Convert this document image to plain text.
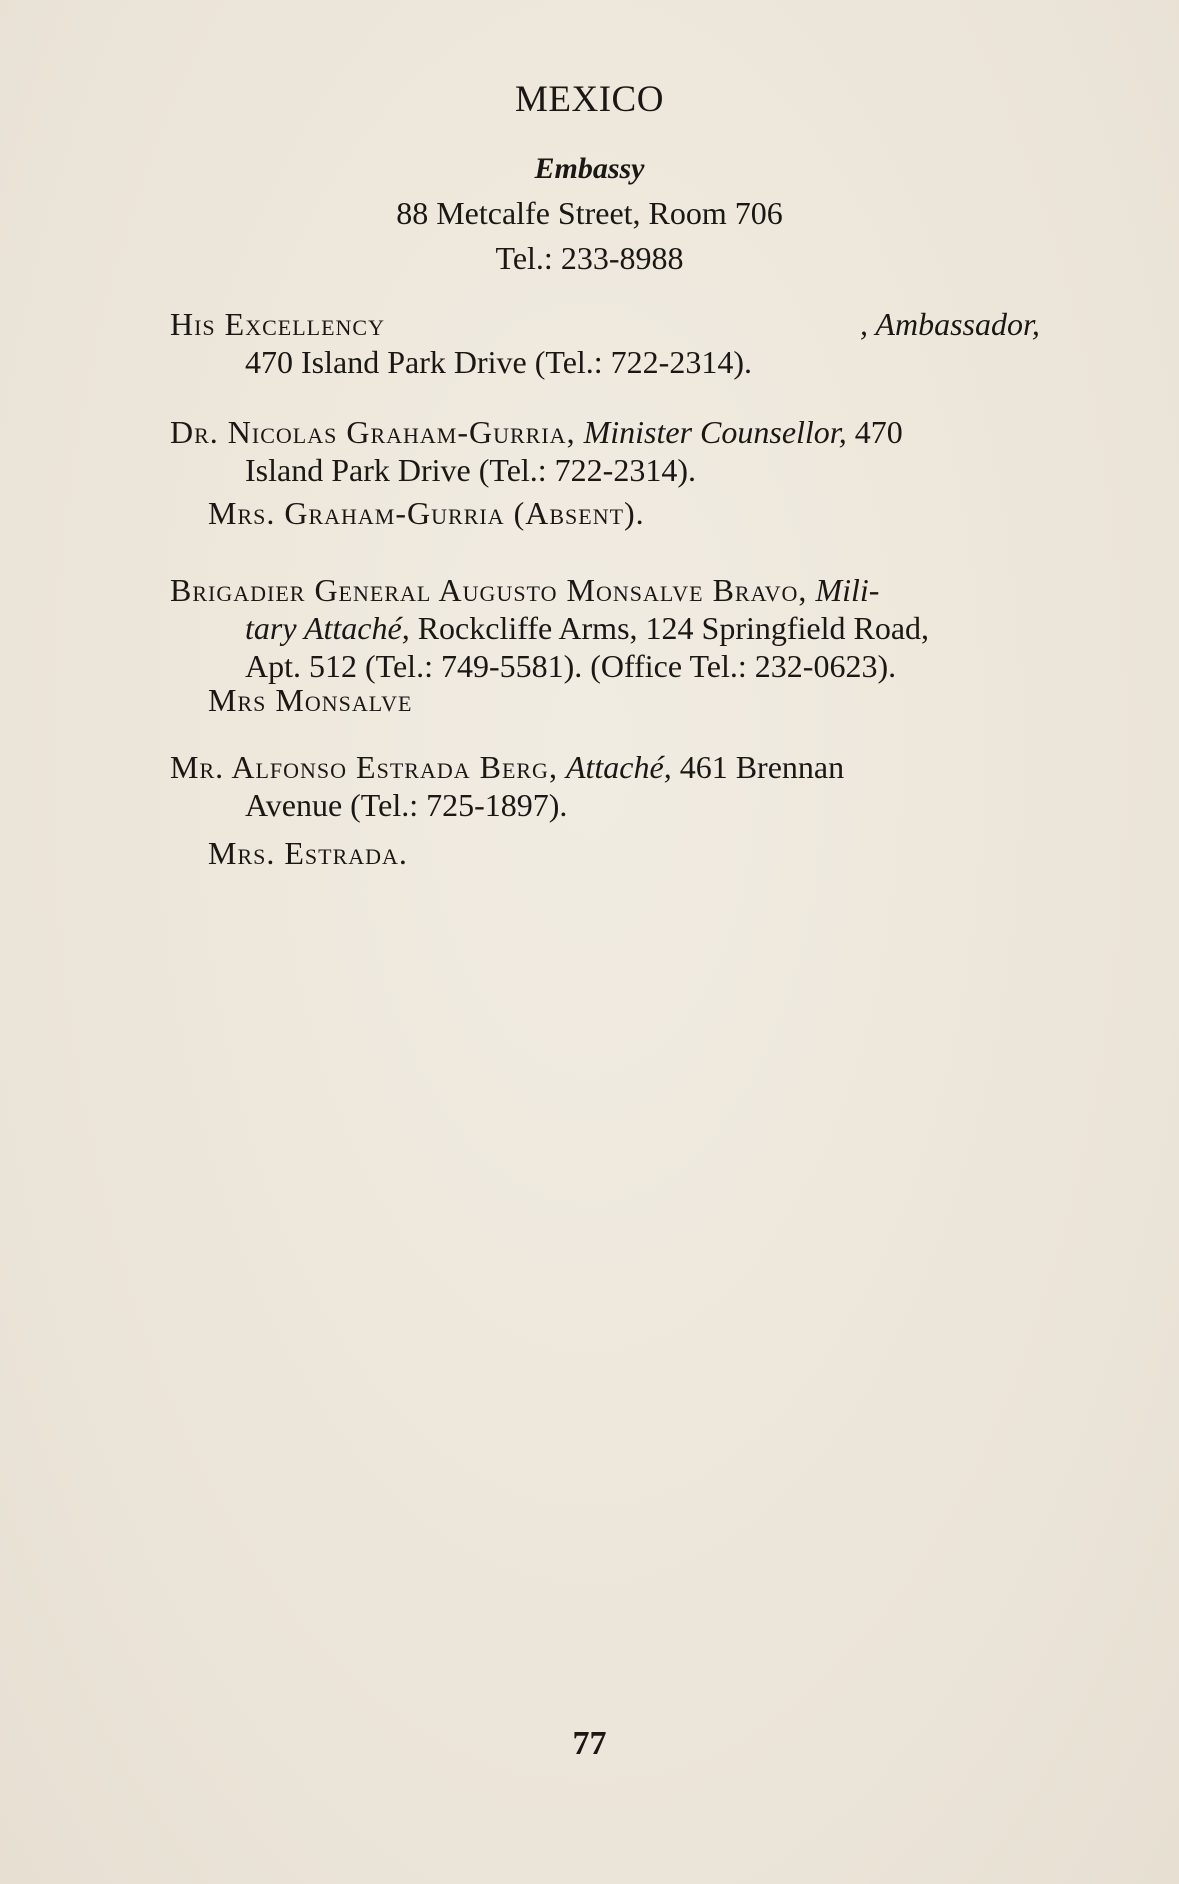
MEXICO
Embassy
88 Metcalfe Street, Room 706
Tel.: 233-8988
His Excellency	, Ambassador,
470 Island Park Drive (Tel.: 722-2314).
Dr. Nicolas Graham-Gurria, Minister Counsellor, 470
Island Park Drive (Tel.: 722-2314).
Mrs. Graham-Gurria (Absent).
Brigadier General Augusto Monsalve Bravo, Mili-
tary Attaché, Rockcliffe Arms, 124 Springfield Road,
Apt. 512 (Tel.: 749-5581). (Office Tel.: 232-0623).
Mrs Monsalve
Mr. Alfonso Estrada Berg, Attaché, 461 Brennan
Avenue (Tel.: 725-1897).
Mrs. Estrada.
77
